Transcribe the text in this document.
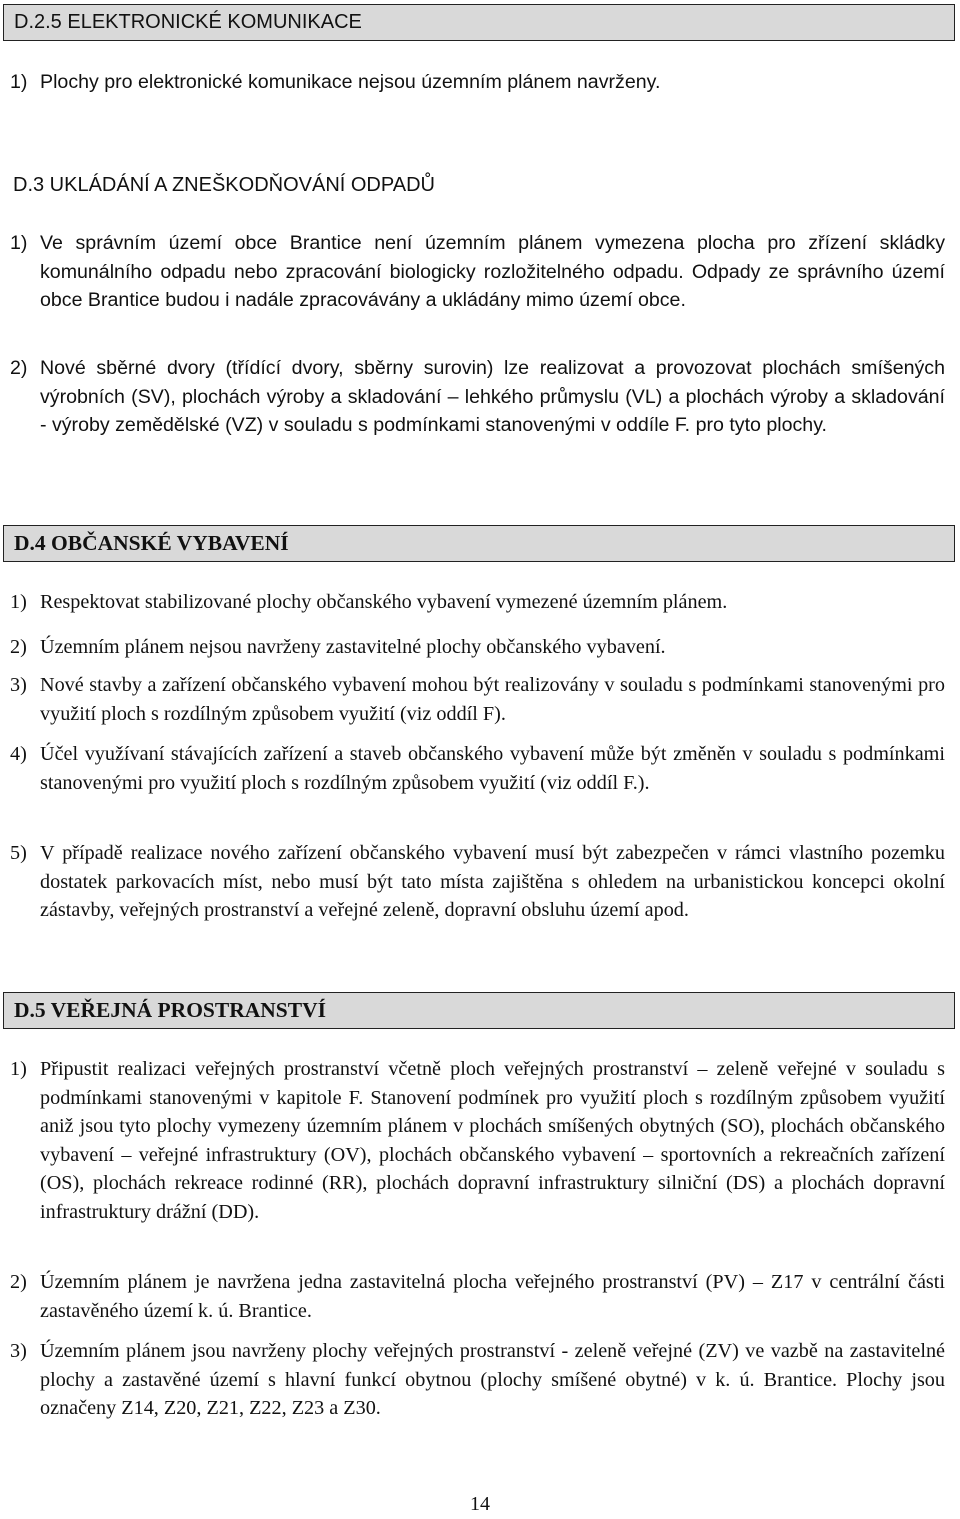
D.2.5 ELEKTRONICKÉ KOMUNIKACE
1) Plochy pro elektronické komunikace nejsou územním plánem navrženy.
D.3 UKLÁDÁNÍ A ZNEŠKODŇOVÁNÍ ODPADŮ
1) Ve správním území obce Brantice není územním plánem vymezena plocha pro zřízení skládky komunálního odpadu nebo zpracování biologicky rozložitelného odpadu. Odpady ze správního území obce Brantice budou i nadále zpracovávány a ukládány mimo území obce.
2) Nové sběrné dvory (třídící dvory, sběrny surovin) lze realizovat a provozovat plochách smíšených výrobních (SV), plochách výroby a skladování – lehkého průmyslu (VL) a plochách výroby a skladování - výroby zemědělské (VZ) v souladu s podmínkami stanovenými v oddíle F. pro tyto plochy.
D.4 OBČANSKÉ VYBAVENÍ
1) Respektovat stabilizované plochy občanského vybavení vymezené územním plánem.
2) Územním plánem nejsou navrženy zastavitelné plochy občanského vybavení.
3) Nové stavby a zařízení občanského vybavení mohou být realizovány v souladu s podmínkami stanovenými pro využití ploch s rozdílným způsobem využití (viz oddíl F).
4) Účel využívaní stávajících zařízení a staveb občanského vybavení může být změněn v souladu s podmínkami stanovenými pro využití ploch s rozdílným způsobem využití (viz oddíl F.).
5) V případě realizace nového zařízení občanského vybavení musí být zabezpečen v rámci vlastního pozemku dostatek parkovacích míst, nebo musí být tato místa zajištěna s ohledem na urbanistickou koncepci okolní zástavby, veřejných prostranství a veřejné zeleně, dopravní obsluhu území apod.
D.5 VEŘEJNÁ PROSTRANSTVÍ
1) Připustit realizaci veřejných prostranství včetně ploch veřejných prostranství – zeleně veřejné v souladu s podmínkami stanovenými v kapitole F. Stanovení podmínek pro využití ploch s rozdílným způsobem využití aniž jsou tyto plochy vymezeny územním plánem v plochách smíšených obytných (SO), plochách občanského vybavení – veřejné infrastruktury (OV), plochách občanského vybavení – sportovních a rekreačních zařízení (OS), plochách rekreace rodinné (RR), plochách dopravní infrastruktury silniční (DS) a plochách dopravní infrastruktury drážní (DD).
2) Územním plánem je navržena jedna zastavitelná plocha veřejného prostranství (PV) – Z17 v centrální části zastavěného území k. ú. Brantice.
3) Územním plánem jsou navrženy plochy veřejných prostranství - zeleně veřejné (ZV) ve vazbě na zastavitelné plochy a zastavěné území s hlavní funkcí obytnou (plochy smíšené obytné) v k. ú. Brantice. Plochy jsou označeny Z14, Z20, Z21, Z22, Z23 a Z30.
14
